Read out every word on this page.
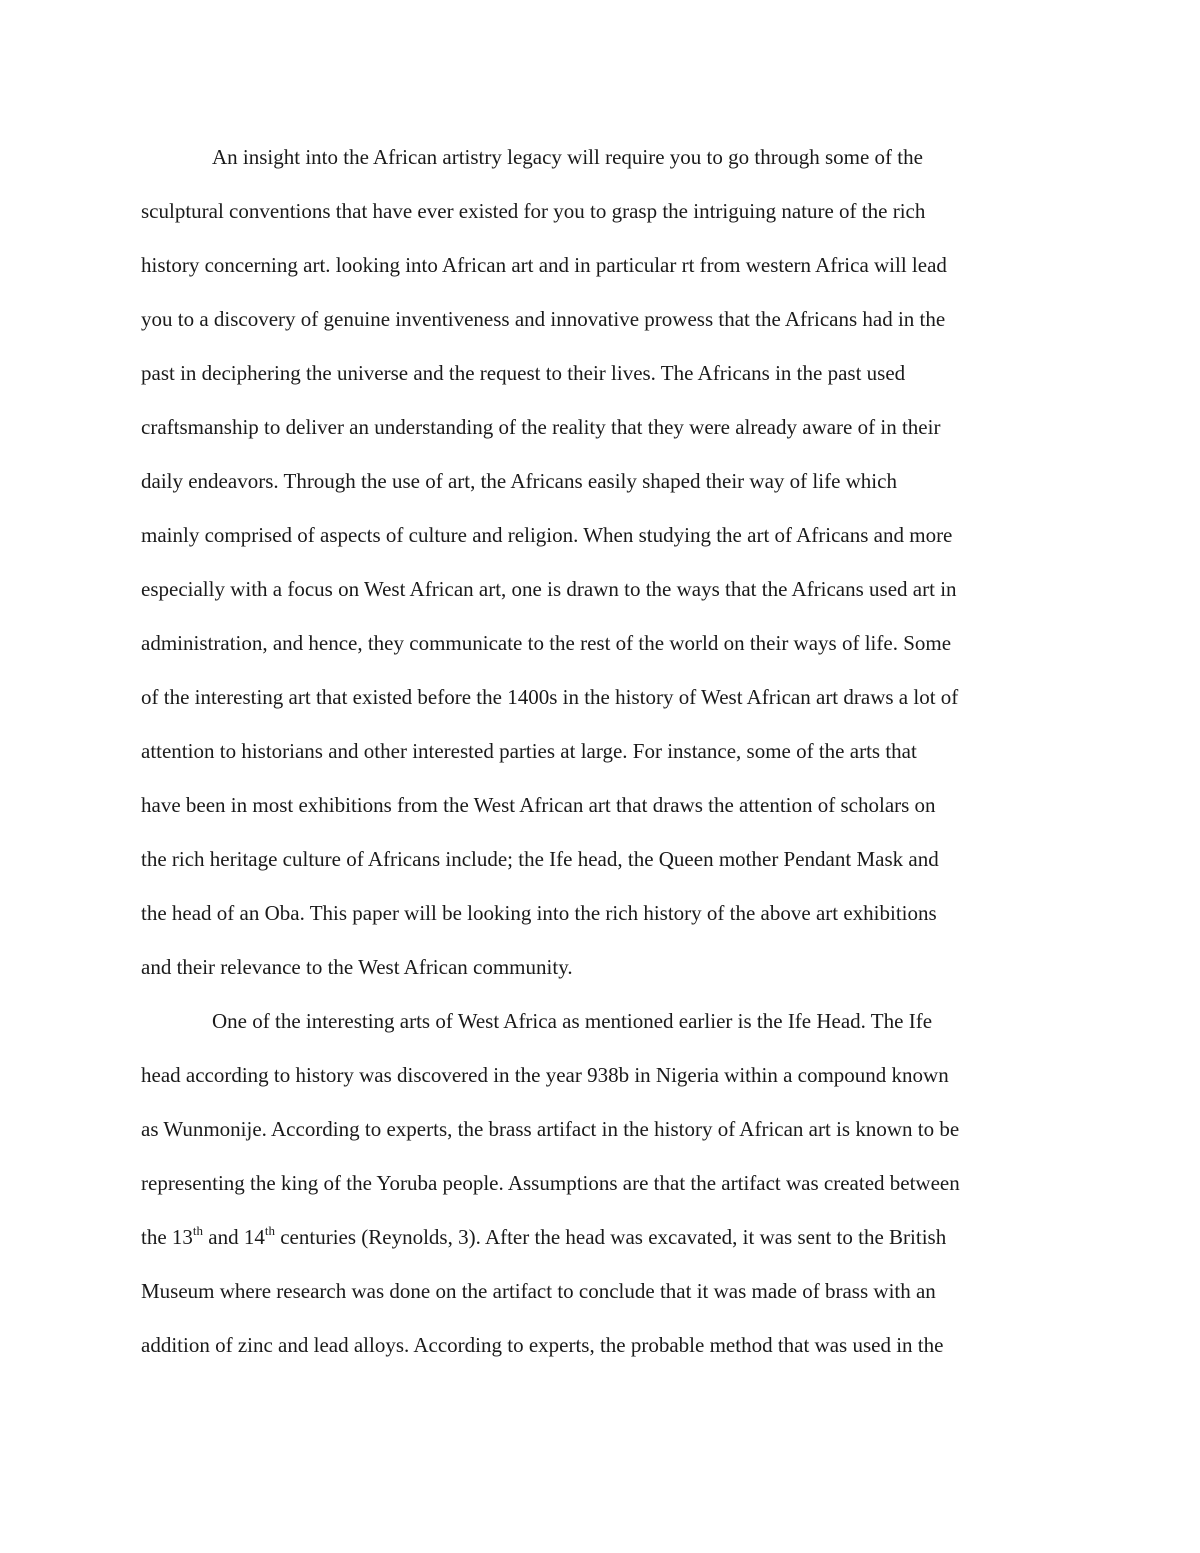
An insight into the African artistry legacy will require you to go through some of the
sculptural conventions that have ever existed for you to grasp the intriguing nature of the rich
history concerning art. looking into African art and in particular rt from western Africa will lead
you to a discovery of genuine inventiveness and innovative prowess that the Africans had in the
past in deciphering the universe and the request to their lives. The Africans in the past used
craftsmanship to deliver an understanding of the reality that they were already aware of in their
daily endeavors. Through the use of art, the Africans easily shaped their way of life which
mainly comprised of aspects of culture and religion. When studying the art of Africans and more
especially with a focus on West African art, one is drawn to the ways that the Africans used art in
administration, and hence, they communicate to the rest of the world on their ways of life. Some
of the interesting art that existed before the 1400s in the history of West African art draws a lot of
attention to historians and other interested parties at large. For instance, some of the arts that
have been in most exhibitions from the West African art that draws the attention of scholars on
the rich heritage culture of Africans include; the Ife head, the Queen mother Pendant Mask and
the head of an Oba. This paper will be looking into the rich history of the above art exhibitions
and their relevance to the West African community.
One of the interesting arts of West Africa as mentioned earlier is the Ife Head. The Ife
head according to history was discovered in the year 938b in Nigeria within a compound known
as Wunmonije. According to experts, the brass artifact in the history of African art is known to be
representing the king of the Yoruba people. Assumptions are that the artifact was created between
the 13th and 14th centuries (Reynolds, 3). After the head was excavated, it was sent to the British
Museum where research was done on the artifact to conclude that it was made of brass with an
addition of zinc and lead alloys. According to experts, the probable method that was used in the
